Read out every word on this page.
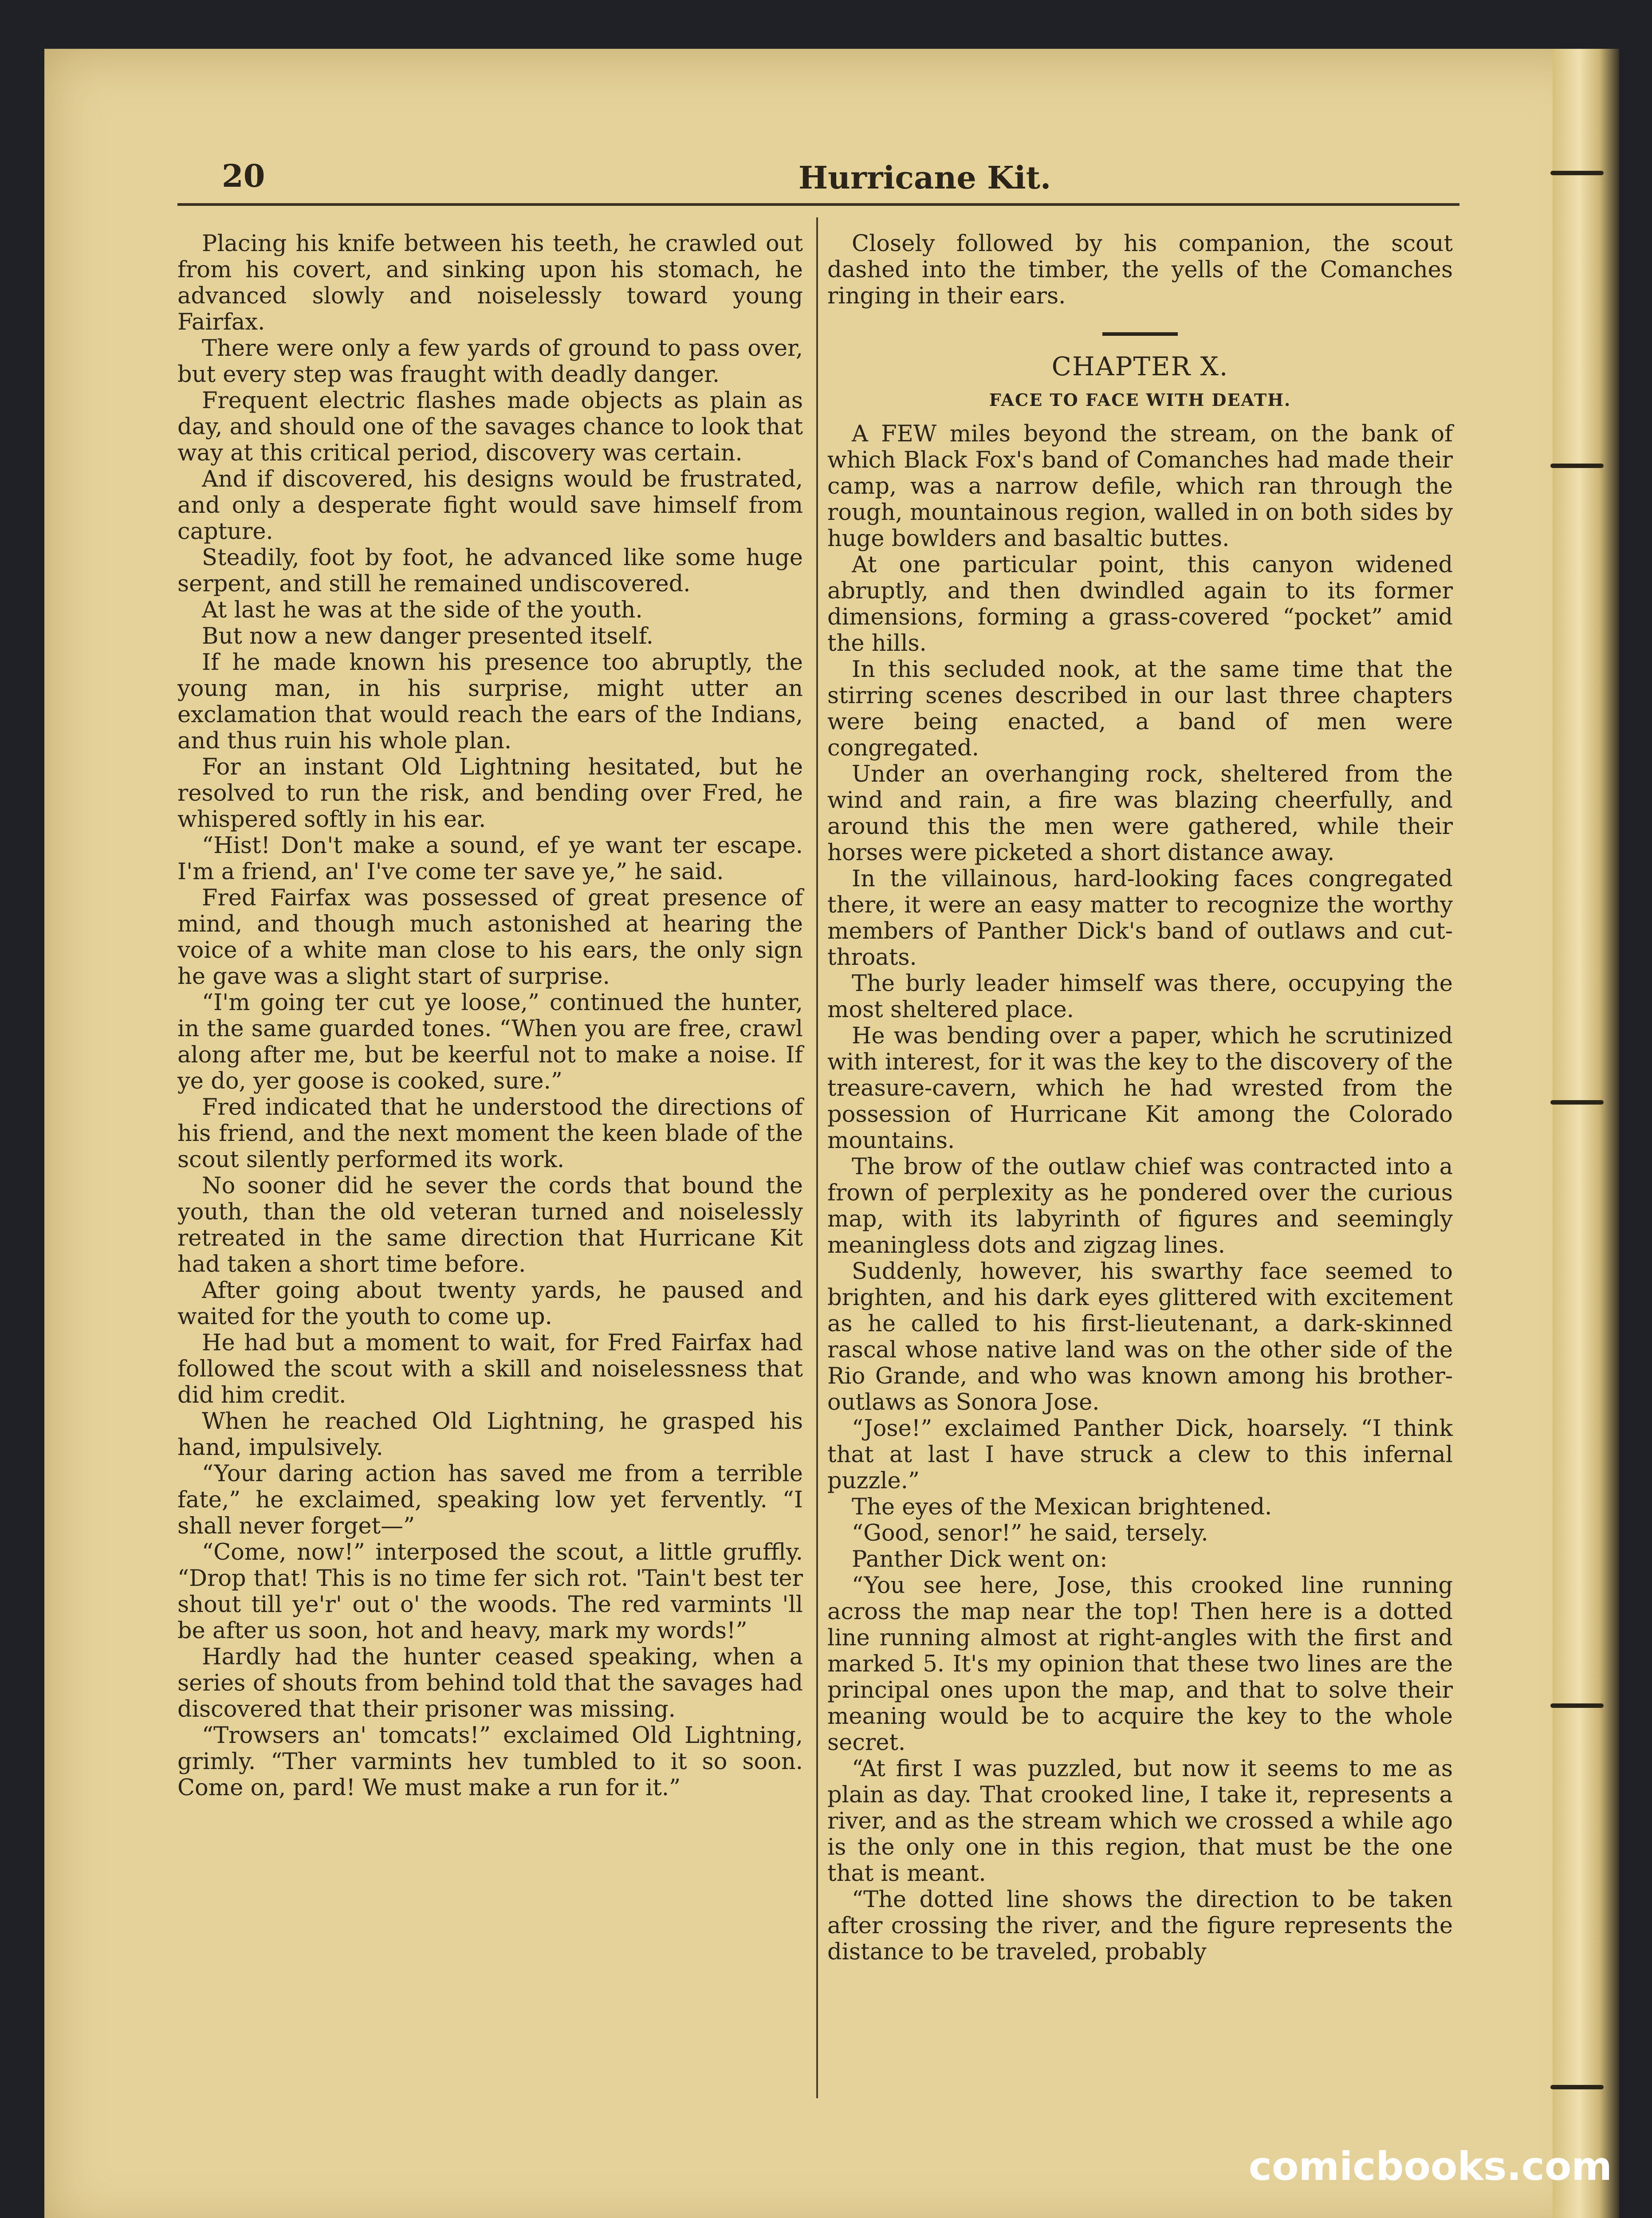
20	Hurricane Kit.

Placing his knife between his teeth, he crawled out from his covert, and sinking upon his stomach, he advanced slowly and noiselessly toward young Fairfax.

There were only a few yards of ground to pass over, but every step was fraught with deadly danger.

Frequent electric flashes made objects as plain as day, and should one of the savages chance to look that way at this critical period, discovery was certain.

And if discovered, his designs would be frustrated, and only a desperate fight would save himself from capture.

Steadily, foot by foot, he advanced like some huge serpent, and still he remained undiscovered.

At last he was at the side of the youth.

But now a new danger presented itself.

If he made known his presence too abruptly, the young man, in his surprise, might utter an exclamation that would reach the ears of the Indians, and thus ruin his whole plan.

For an instant Old Lightning hesitated, but he resolved to run the risk, and bending over Fred, he whispered softly in his ear.

“Hist! Don't make a sound, ef ye want ter escape. I'm a friend, an' I've come ter save ye,” he said.

Fred Fairfax was possessed of great presence of mind, and though much astonished at hearing the voice of a white man close to his ears, the only sign he gave was a slight start of surprise.

“I'm going ter cut ye loose,” continued the hunter, in the same guarded tones. “When you are free, crawl along after me, but be keerful not to make a noise. If ye do, yer goose is cooked, sure.”

Fred indicated that he understood the directions of his friend, and the next moment the keen blade of the scout silently performed its work.

No sooner did he sever the cords that bound the youth, than the old veteran turned and noiselessly retreated in the same direction that Hurricane Kit had taken a short time before.

After going about twenty yards, he paused and waited for the youth to come up.

He had but a moment to wait, for Fred Fairfax had followed the scout with a skill and noiselessness that did him credit.

When he reached Old Lightning, he grasped his hand, impulsively.

“Your daring action has saved me from a terrible fate,” he exclaimed, speaking low yet fervently. “I shall never forget—”

“Come, now!” interposed the scout, a little gruffly. “Drop that! This is no time fer sich rot. 'Tain't best ter shout till ye'r' out o' the woods. The red varmints 'll be after us soon, hot and heavy, mark my words!”

Hardly had the hunter ceased speaking, when a series of shouts from behind told that the savages had discovered that their prisoner was missing.

“Trowsers an' tomcats!” exclaimed Old Lightning, grimly. “Ther varmints hev tumbled to it so soon. Come on, pard! We must make a run for it.”

Closely followed by his companion, the scout dashed into the timber, the yells of the Comanches ringing in their ears.

CHAPTER X.
FACE TO FACE WITH DEATH.

A FEW miles beyond the stream, on the bank of which Black Fox's band of Comanches had made their camp, was a narrow defile, which ran through the rough, mountainous region, walled in on both sides by huge bowlders and basaltic buttes.

At one particular point, this canyon widened abruptly, and then dwindled again to its former dimensions, forming a grass-covered “pocket” amid the hills.

In this secluded nook, at the same time that the stirring scenes described in our last three chapters were being enacted, a band of men were congregated.

Under an overhanging rock, sheltered from the wind and rain, a fire was blazing cheerfully, and around this the men were gathered, while their horses were picketed a short distance away.

In the villainous, hard-looking faces congregated there, it were an easy matter to recognize the worthy members of Panther Dick's band of outlaws and cut-throats.

The burly leader himself was there, occupying the most sheltered place.

He was bending over a paper, which he scrutinized with interest, for it was the key to the discovery of the treasure-cavern, which he had wrested from the possession of Hurricane Kit among the Colorado mountains.

The brow of the outlaw chief was contracted into a frown of perplexity as he pondered over the curious map, with its labyrinth of figures and seemingly meaningless dots and zigzag lines.

Suddenly, however, his swarthy face seemed to brighten, and his dark eyes glittered with excitement as he called to his first-lieutenant, a dark-skinned rascal whose native land was on the other side of the Rio Grande, and who was known among his brother-outlaws as Sonora Jose.

“Jose!” exclaimed Panther Dick, hoarsely. “I think that at last I have struck a clew to this infernal puzzle.”

The eyes of the Mexican brightened.

“Good, senor!” he said, tersely.

Panther Dick went on:

“You see here, Jose, this crooked line running across the map near the top! Then here is a dotted line running almost at right-angles with the first and marked 5. It's my opinion that these two lines are the principal ones upon the map, and that to solve their meaning would be to acquire the key to the whole secret.

“At first I was puzzled, but now it seems to me as plain as day. That crooked line, I take it, represents a river, and as the stream which we crossed a while ago is the only one in this region, that must be the one that is meant.

“The dotted line shows the direction to be taken after crossing the river, and the figure represents the distance to be traveled, probably

comicbooks.com
